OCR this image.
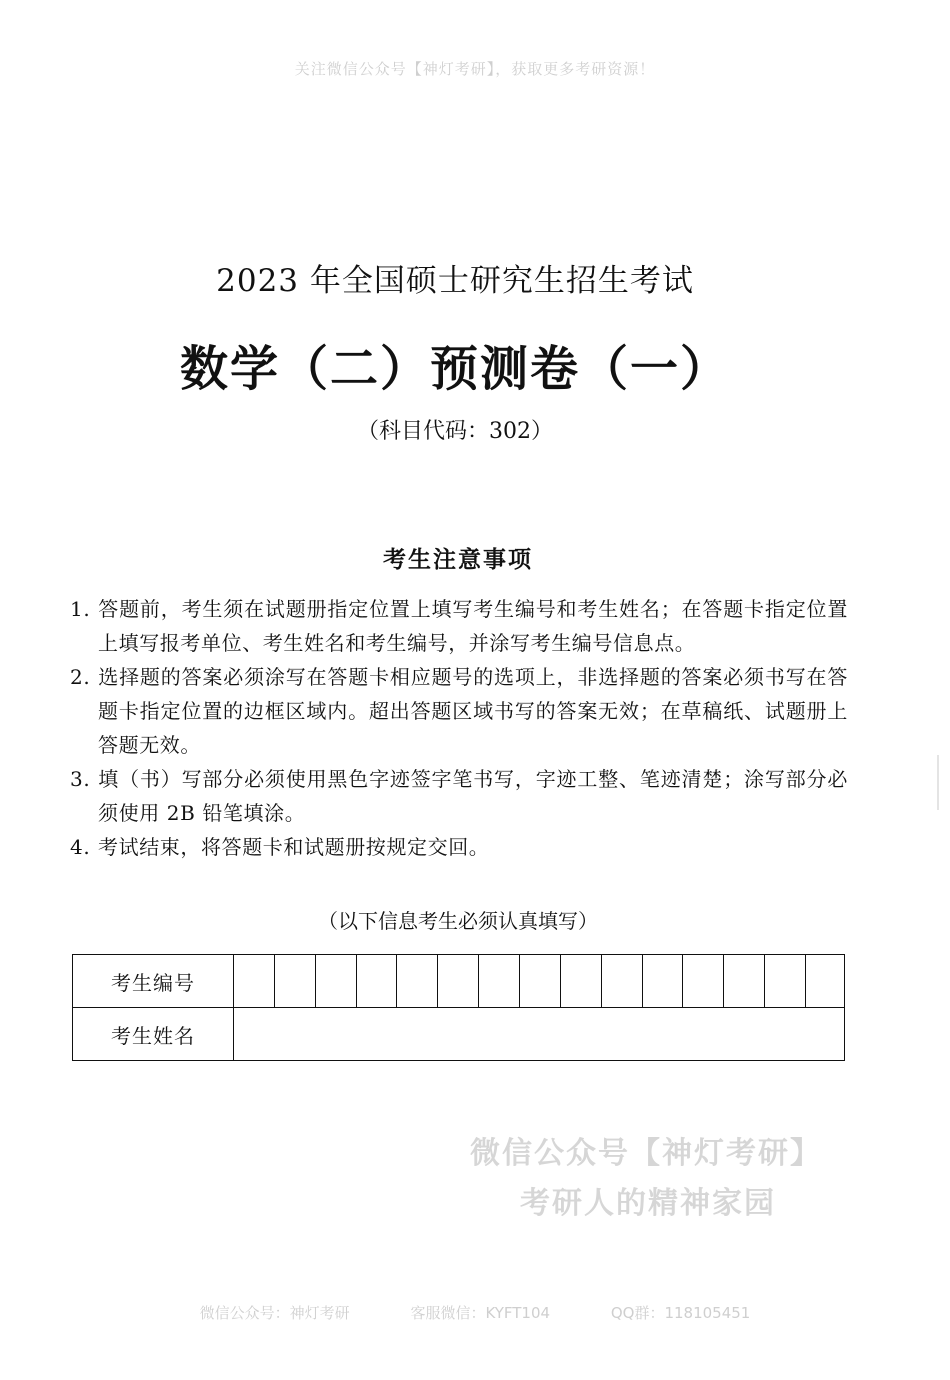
关注微信公众号【神灯考研】，获取更多考研资源！
2023 年全国硕士研究生招生考试
数学（二）预测卷（一）
（科目代码：302）
考生注意事项
1. 答题前，考生须在试题册指定位置上填写考生编号和考生姓名；在答题卡指定位置上填写报考单位、考生姓名和考生编号，并涂写考生编号信息点。
2. 选择题的答案必须涂写在答题卡相应题号的选项上，非选择题的答案必须书写在答题卡指定位置的边框区域内。超出答题区域书写的答案无效；在草稿纸、试题册上答题无效。
3. 填（书）写部分必须使用黑色字迹签字笔书写，字迹工整、笔迹清楚；涂写部分必须使用 2B 铅笔填涂。
4. 考试结束，将答题卡和试题册按规定交回。
（以下信息考生必须认真填写）
考生编号	

考生姓名	
微信公众号【神灯考研】
考研人的精神家园
微信公众号：神灯考研	客服微信：KYFT104	QQ群：118105451
